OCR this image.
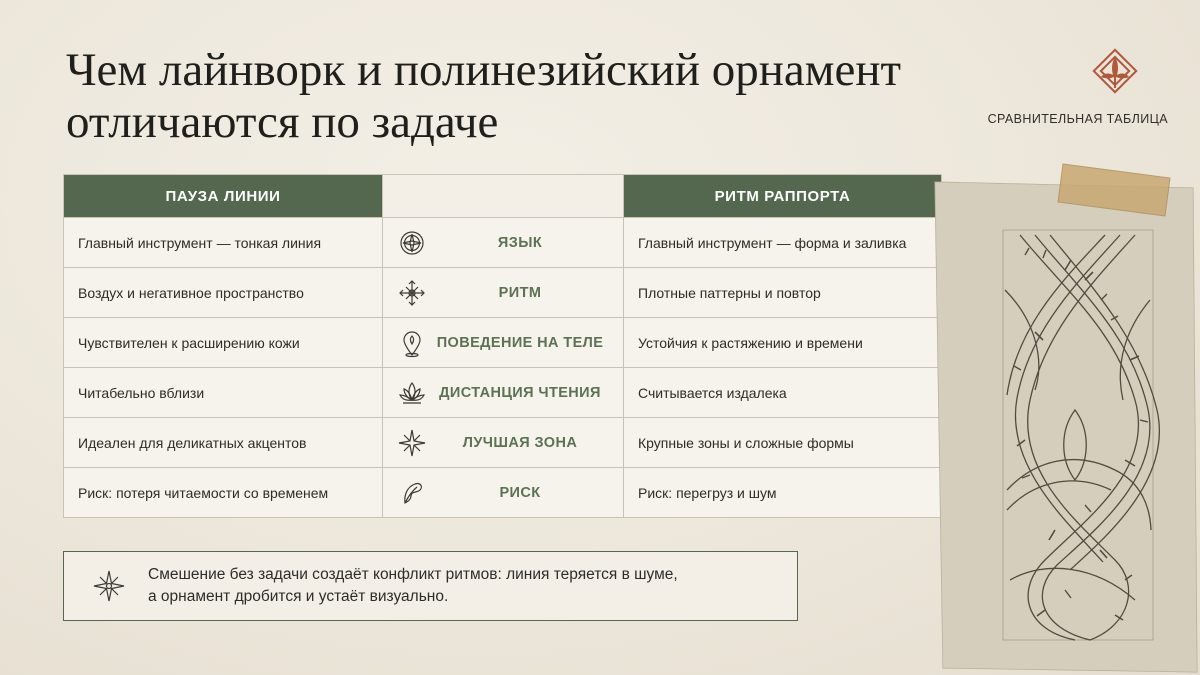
Чем лайнворк и полинезийский орнамент
отличаются по задаче	СРАВНИТЕЛЬНАЯ ТАБЛИЦА
ПАУЗА ЛИНИИ		РИТМ РАППОРТА
Главный инструмент — тонкая линия	ЯЗЫК	Главный инструмент — форма и заливка
Воздух и негативное пространство	РИТМ	Плотные паттерны и повтор
Чувствителен к расширению кожи	ПОВЕДЕНИЕ НА ТЕЛЕ	Устойчия к растяжению и времени
Читабельно вблизи	ДИСТАНЦИЯ ЧТЕНИЯ	Считывается издалека
Идеален для деликатных акцентов	ЛУЧШАЯ ЗОНА	Крупные зоны и сложные формы
Риск: потеря читаемости со временем	РИСК	Риск: перегруз и шум
Смешение без задачи создаёт конфликт ритмов: линия теряется в шуме,
а орнамент дробится и устаёт визуально.
